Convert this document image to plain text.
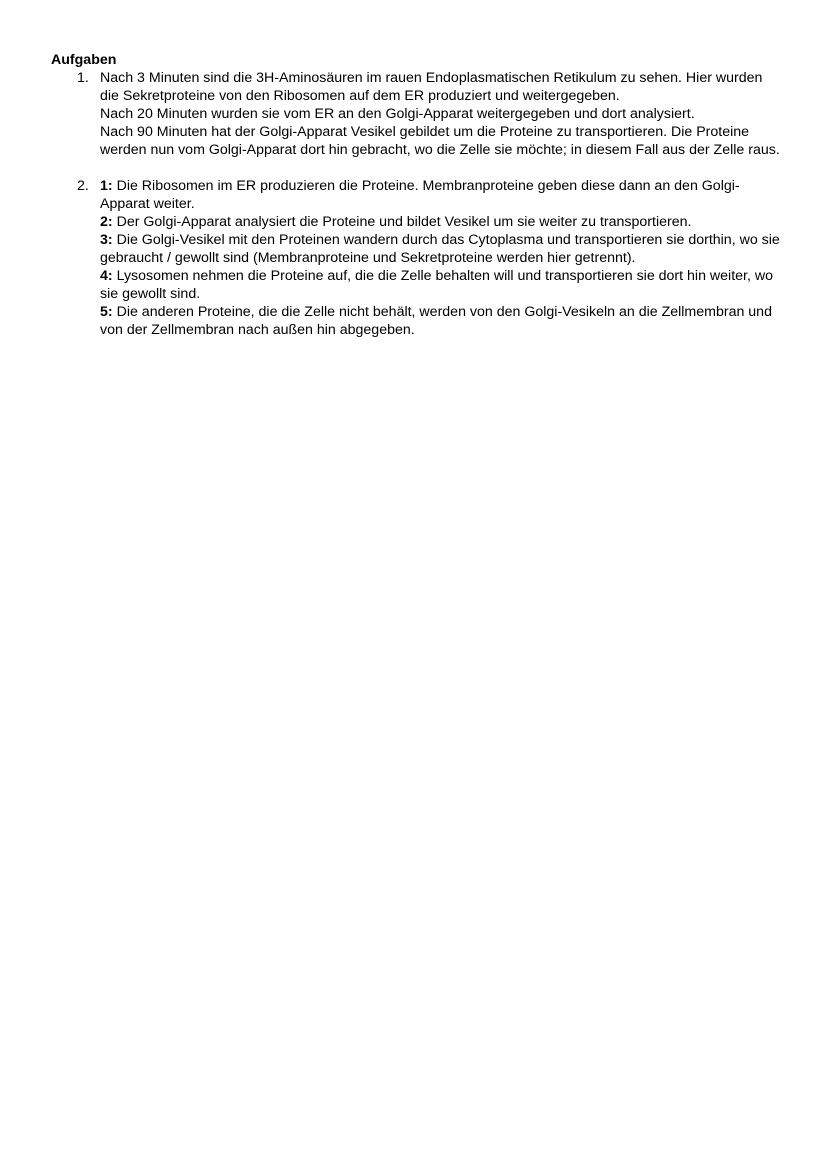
Aufgaben

1. Nach 3 Minuten sind die 3H-Aminosäuren im rauen Endoplasmatischen Retikulum zu sehen. Hier wurden die Sekretproteine von den Ribosomen auf dem ER produziert und weitergegeben.
Nach 20 Minuten wurden sie vom ER an den Golgi-Apparat weitergegeben und dort analysiert.
Nach 90 Minuten hat der Golgi-Apparat Vesikel gebildet um die Proteine zu transportieren. Die Proteine werden nun vom Golgi-Apparat dort hin gebracht, wo die Zelle sie möchte; in diesem Fall aus der Zelle raus.
2. 1: Die Ribosomen im ER produzieren die Proteine. Membranproteine geben diese dann an den Golgi-Apparat weiter.
2: Der Golgi-Apparat analysiert die Proteine und bildet Vesikel um sie weiter zu transportieren.
3: Die Golgi-Vesikel mit den Proteinen wandern durch das Cytoplasma und transportieren sie dorthin, wo sie gebraucht / gewollt sind (Membranproteine und Sekretproteine werden hier getrennt).
4: Lysosomen nehmen die Proteine auf, die die Zelle behalten will und transportieren sie dort hin weiter, wo sie gewollt sind.
5: Die anderen Proteine, die die Zelle nicht behält, werden von den Golgi-Vesikeln an die Zellmembran und von der Zellmembran nach außen hin abgegeben.
